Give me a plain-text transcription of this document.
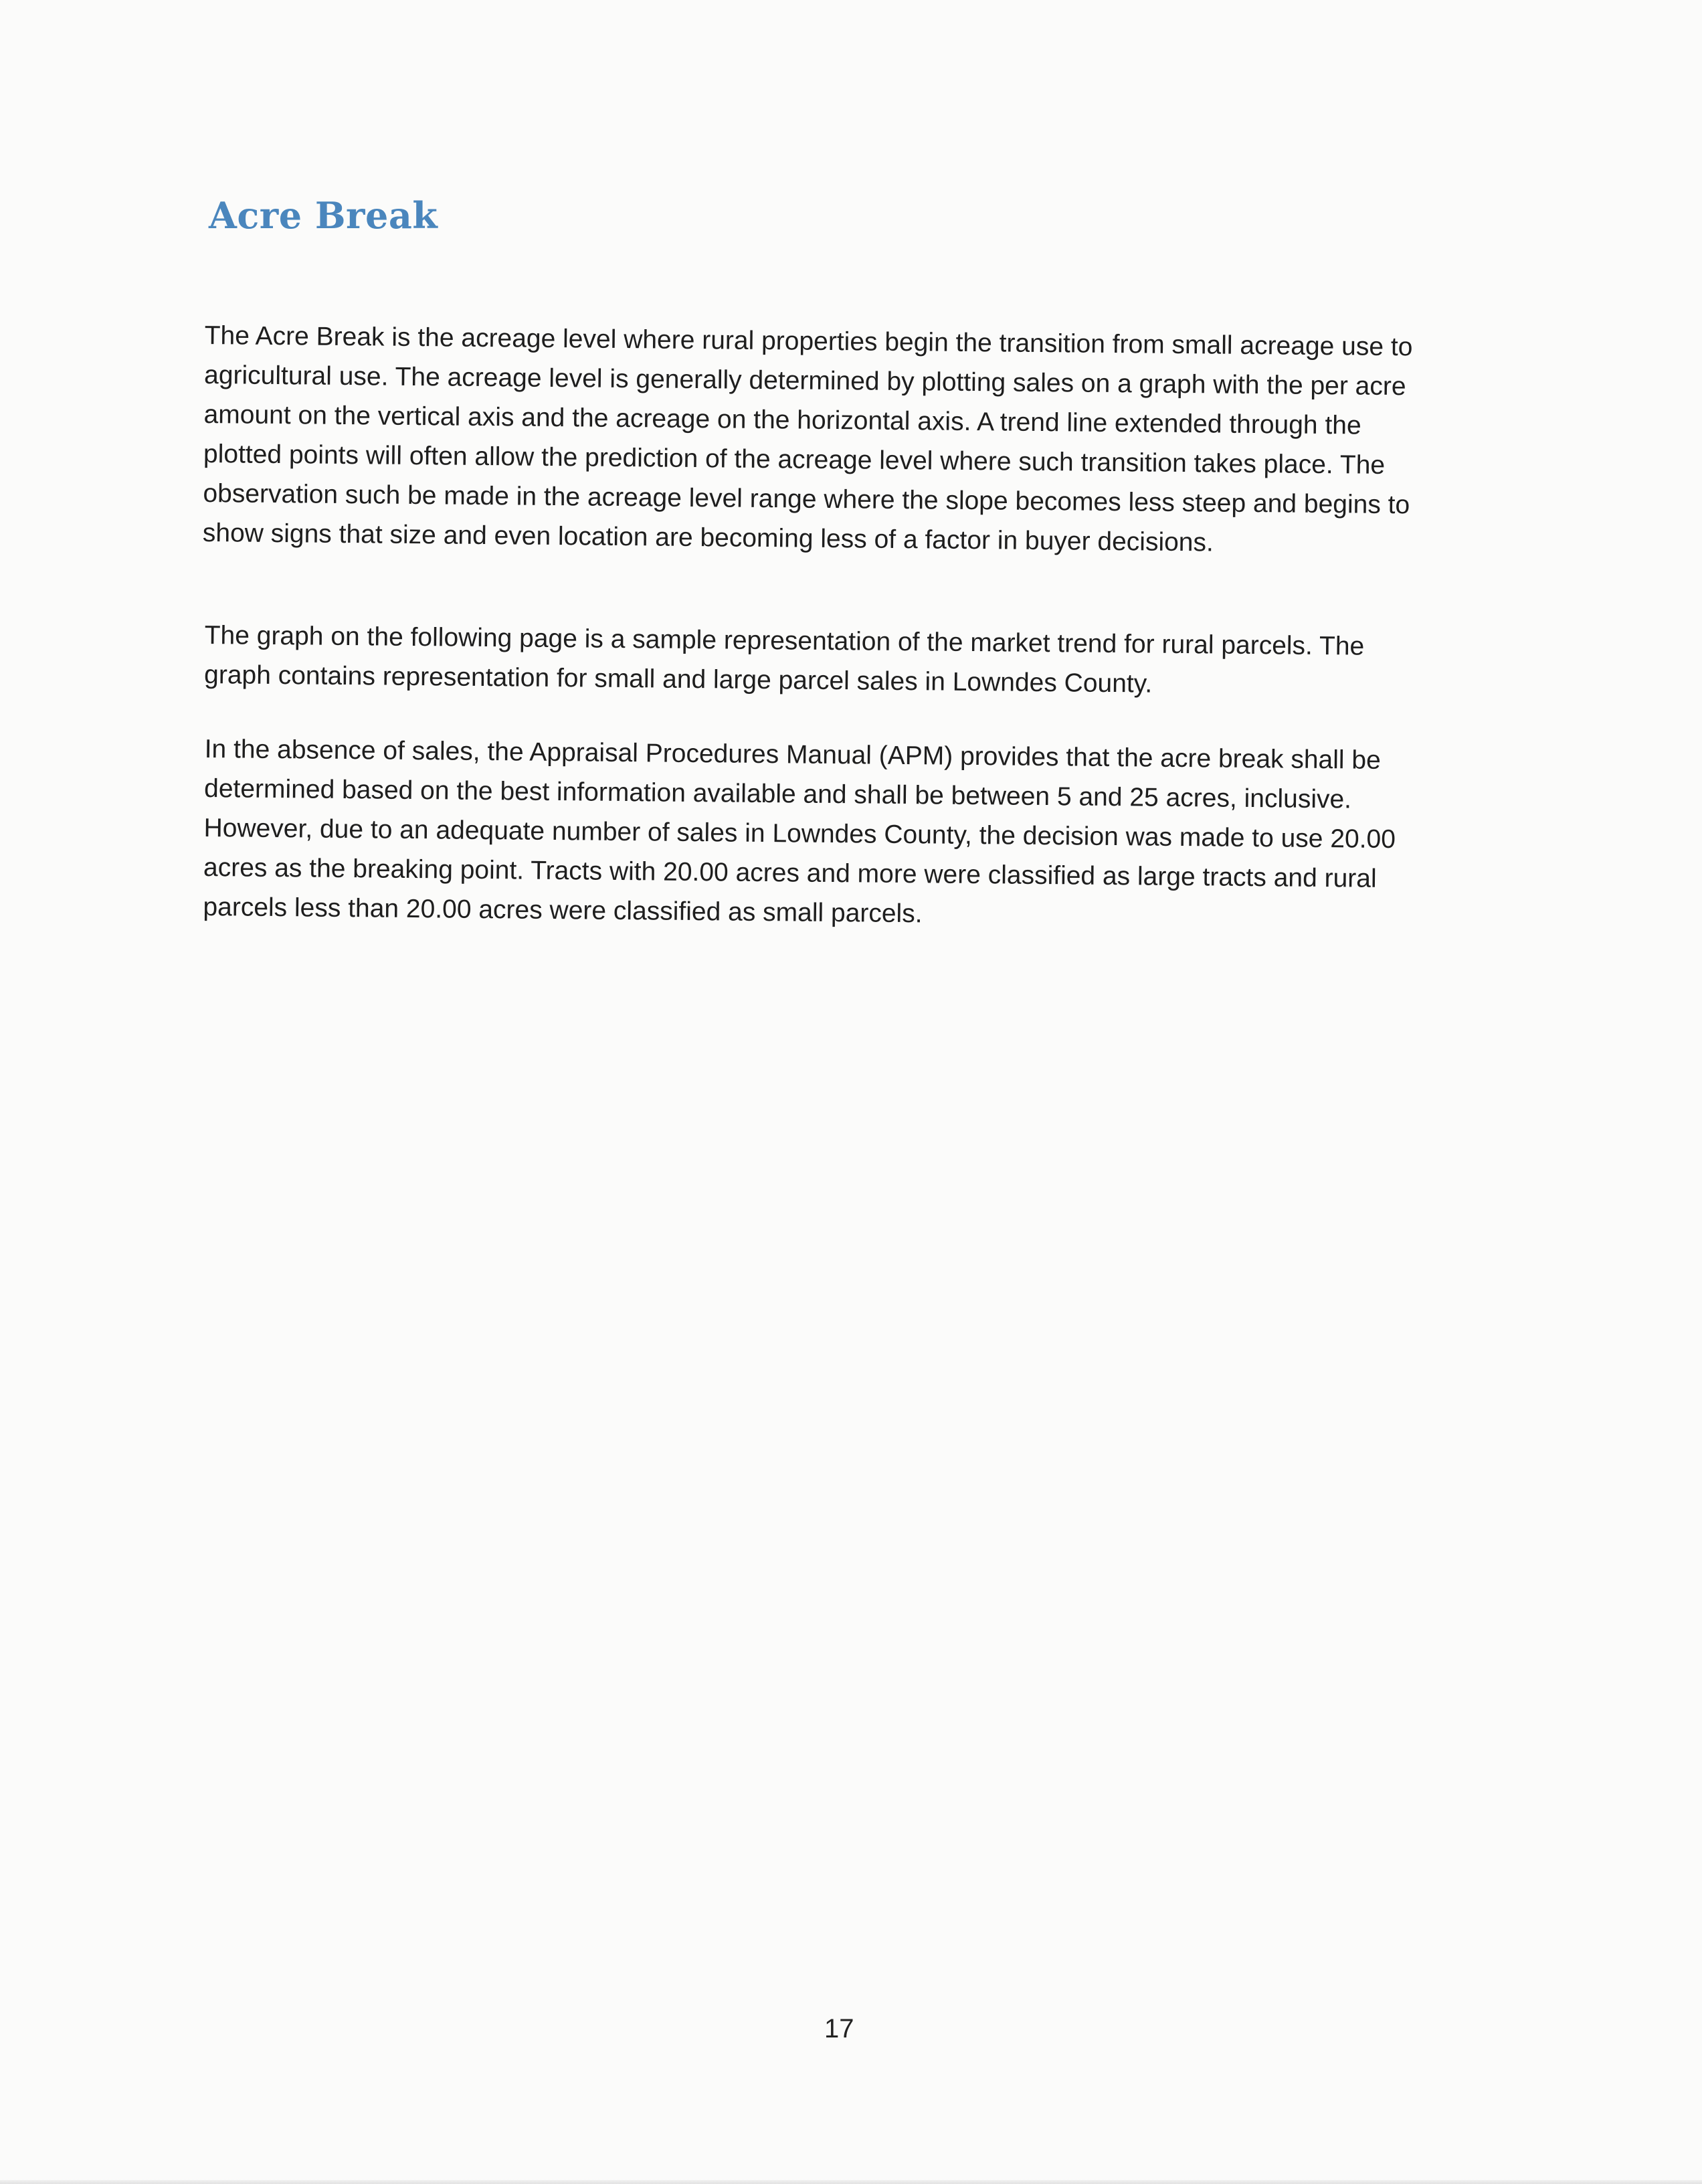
Acre Break

The Acre Break is the acreage level where rural properties begin the transition from small acreage use to
agricultural use. The acreage level is generally determined by plotting sales on a graph with the per acre
amount on the vertical axis and the acreage on the horizontal axis. A trend line extended through the
plotted points will often allow the prediction of the acreage level where such transition takes place. The
observation such be made in the acreage level range where the slope becomes less steep and begins to
show signs that size and even location are becoming less of a factor in buyer decisions.

The graph on the following page is a sample representation of the market trend for rural parcels. The
graph contains representation for small and large parcel sales in Lowndes County.

In the absence of sales, the Appraisal Procedures Manual (APM) provides that the acre break shall be
determined based on the best information available and shall be between 5 and 25 acres, inclusive.
However, due to an adequate number of sales in Lowndes County, the decision was made to use 20.00
acres as the breaking point. Tracts with 20.00 acres and more were classified as large tracts and rural
parcels less than 20.00 acres were classified as small parcels.

17
